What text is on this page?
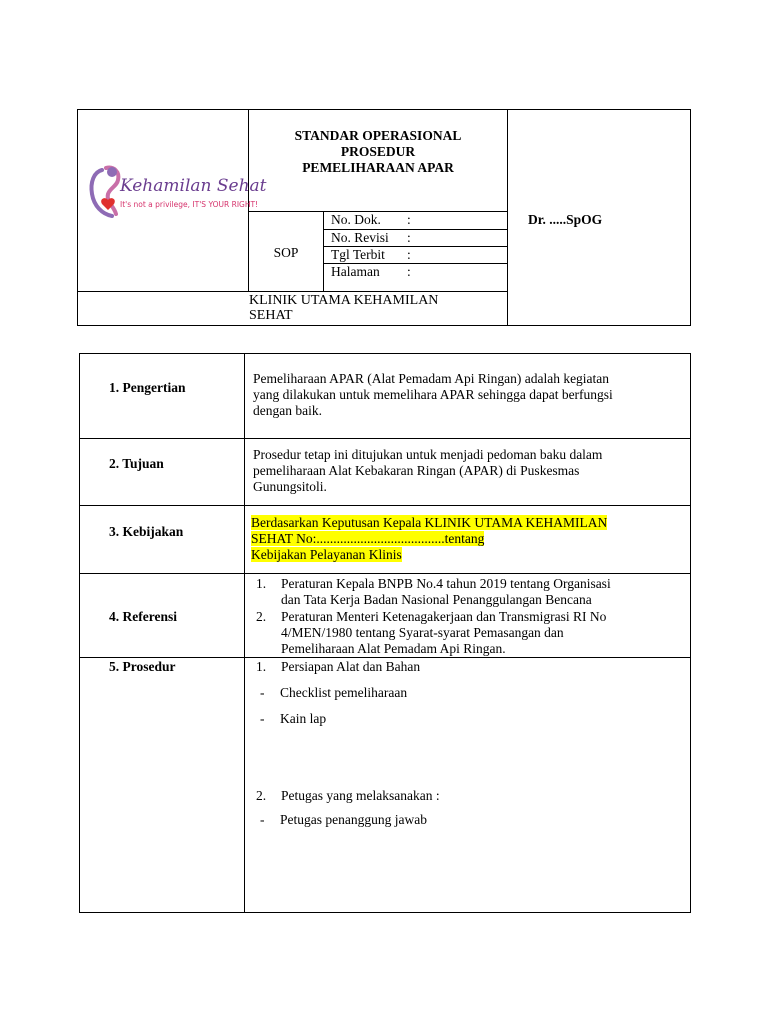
Kehamilan Sehat
It's not a privilege, IT'S YOUR RIGHT!
STANDAR OPERASIONAL
PROSEDUR
PEMELIHARAAN APAR
SOP
No. Dok. :
No. Revisi :
Tgl Terbit :
Halaman :
Dr. .....SpOG
KLINIK UTAMA KEHAMILAN
SEHAT
1. Pengertian
Pemeliharaan APAR (Alat Pemadam Api Ringan) adalah kegiatan
yang dilakukan untuk memelihara APAR sehingga dapat berfungsi
dengan baik.
2. Tujuan
Prosedur tetap ini ditujukan untuk menjadi pedoman baku dalam
pemeliharaan Alat Kebakaran Ringan (APAR) di Puskesmas
Gunungsitoli.
3. Kebijakan
Berdasarkan Keputusan Kepala KLINIK UTAMA KEHAMILAN
SEHAT No:......................................tentang
Kebijakan Pelayanan Klinis
4. Referensi
1. Peraturan Kepala BNPB No.4 tahun 2019 tentang Organisasi
dan Tata Kerja Badan Nasional Penanggulangan Bencana
2. Peraturan Menteri Ketenagakerjaan dan Transmigrasi RI No
4/MEN/1980 tentang Syarat-syarat Pemasangan dan
Pemeliharaan Alat Pemadam Api Ringan.
5. Prosedur	1. Persiapan Alat dan Bahan
- Checklist pemeliharaan
- Kain lap
2. Petugas yang melaksanakan :
- Petugas penanggung jawab
